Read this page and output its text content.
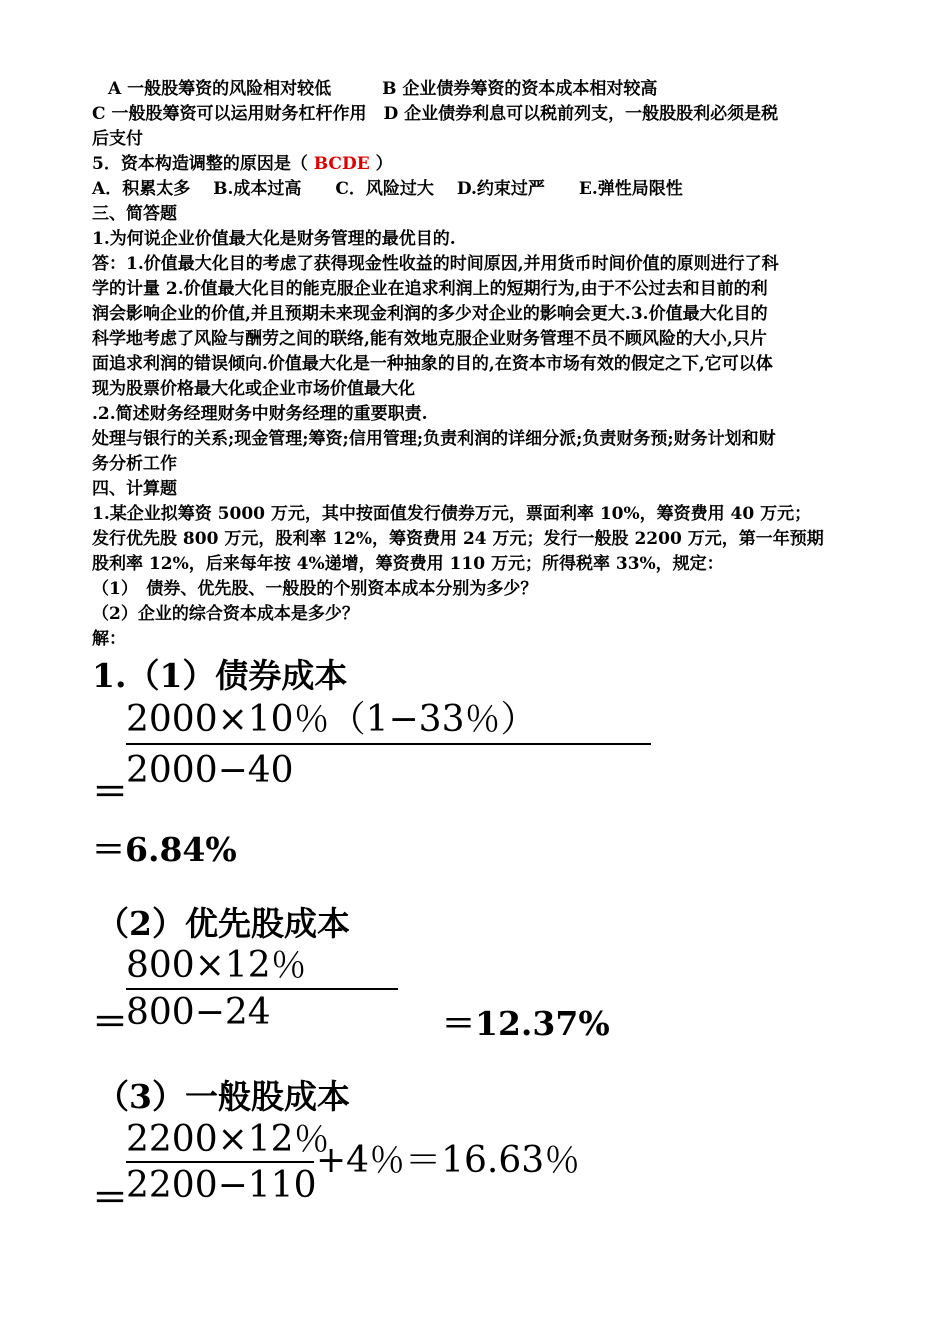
A 一般股筹资的风险相对较低　　　B 企业债券筹资的资本成本相对较高
C 一般股筹资可以运用财务杠杆作用　D 企业债券利息可以税前列支，一般股股利必须是税
后支付
5．资本构造调整的原因是（ BCDE ）
A．积累太多　 B.成本过高　　C．风险过大　 D.约束过严　　E.弹性局限性
三、简答题
1.为何说企业价值最大化是财务管理的最优目的.
答：1.价值最大化目的考虑了获得现金性收益的时间原因,并用货币时间价值的原则进行了科
学的计量 2.价值最大化目的能克服企业在追求利润上的短期行为,由于不公过去和目前的利
润会影响企业的价值,并且预期未来现金利润的多少对企业的影响会更大.3.价值最大化目的
科学地考虑了风险与酬劳之间的联络,能有效地克服企业财务管理不员不顾风险的大小,只片
面追求利润的错误倾向.价值最大化是一种抽象的目的,在资本市场有效的假定之下,它可以体
现为股票价格最大化或企业市场价值最大化
.2.简述财务经理财务中财务经理的重要职责.
处理与银行的关系;现金管理;筹资;信用管理;负责利润的详细分派;负责财务预;财务计划和财
务分析工作
四、计算题
1.某企业拟筹资 5000 万元，其中按面值发行债券万元，票面利率 10%，筹资费用 40 万元；
发行优先股 800 万元，股利率 12%，筹资费用 24 万元；发行一般股 2200 万元，第一年预期
股利率 12%，后来每年按 4%递增，筹资费用 110 万元；所得税率 33%，规定：
（1）　债券、优先股、一般股的个别资本成本分别为多少？
（2）企业的综合资本成本是多少？
解：
1.（1）债券成本
2000×10％（1−33％）
2000−40
＝
＝6.84%
（2）优先股成本
800×12％
800−24
＝	＝12.37%
（3）一般股成本
2200×12％
2200−110
+4％＝16.63％
＝
